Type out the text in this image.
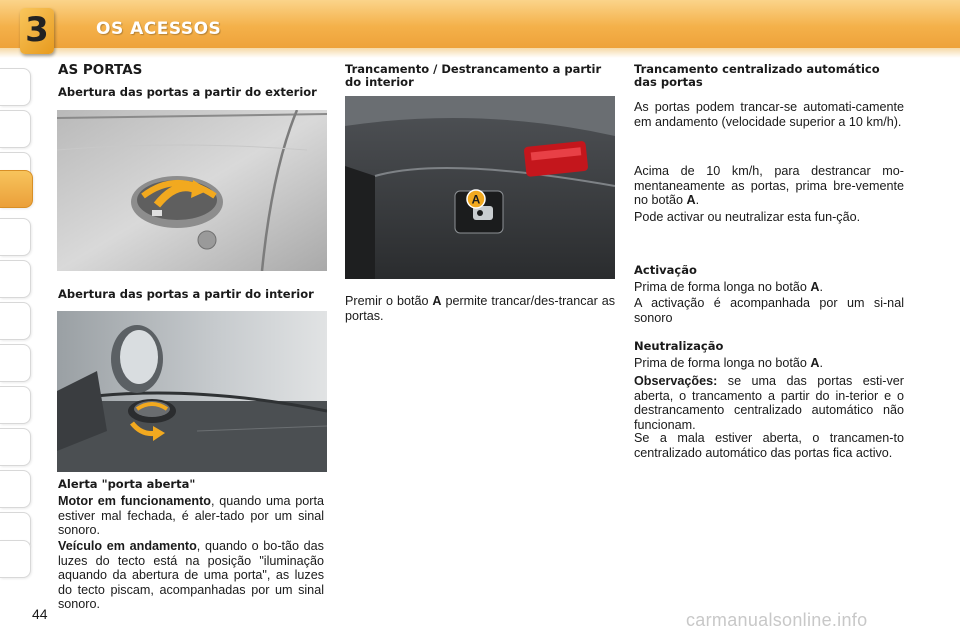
3	OS ACESSOS
AS PORTAS
Abertura das portas a partir do exterior
Abertura das portas a partir do interior
Alerta "porta aberta"
Motor em funcionamento, quando uma porta estiver mal fechada, é aler-tado por um sinal sonoro.
Veículo em andamento, quando o bo-tão das luzes do tecto está na posição "iluminação aquando da abertura de uma porta", as luzes do tecto piscam, acompanhadas por um sinal sonoro.
Trancamento / Destrancamento a partir do interior
A
Premir o botão A permite trancar/des-trancar as portas.
Trancamento centralizado automático das portas
As portas podem trancar-se automati-camente em andamento (velocidade superior a 10 km/h).
Acima de 10 km/h, para destrancar mo-mentaneamente as portas, prima bre-vemente no botão A.
Pode activar ou neutralizar esta fun-ção.
Activação
Prima de forma longa no botão A.
A activação é acompanhada por um si-nal sonoro
Neutralização
Prima de forma longa no botão A.
Observações: se uma das portas esti-ver aberta, o trancamento a partir do in-terior e o destrancamento centralizado automático não funcionam.
Se a mala estiver aberta, o trancamen-to centralizado automático das portas fica activo.
44	carmanualsonline.info
